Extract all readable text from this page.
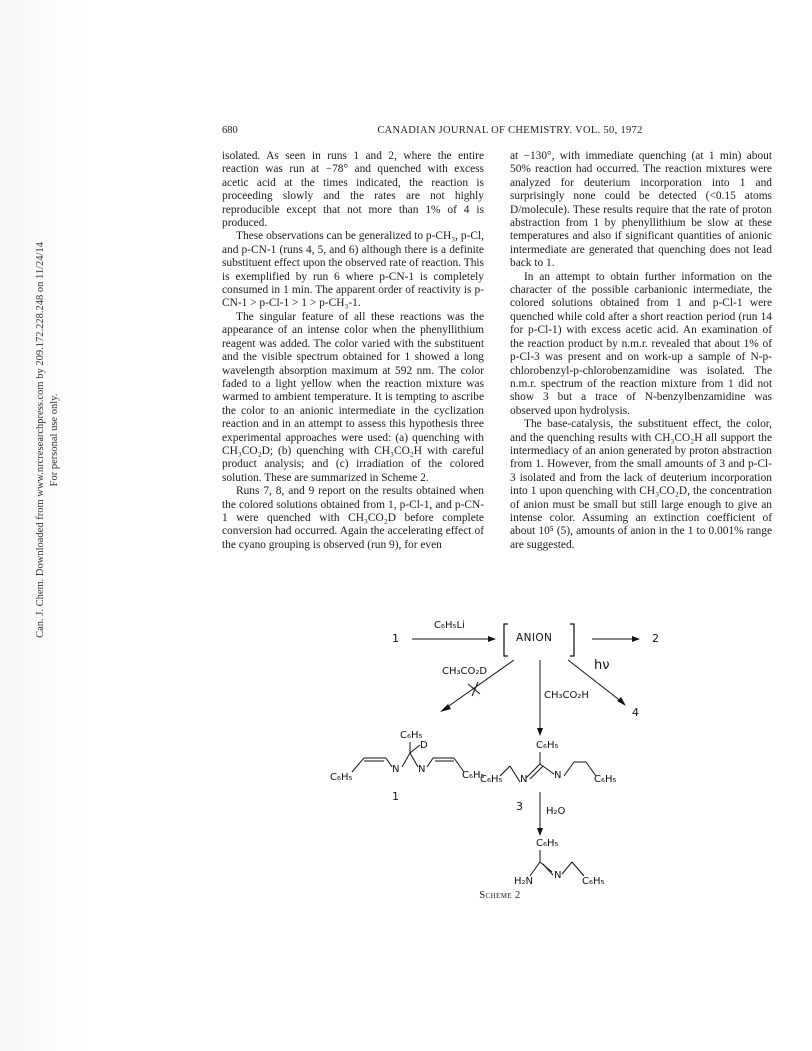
Can. J. Chem. Downloaded from www.nrcresearchpress.com by 209.172.228.248 on 11/24/14 For personal use only.
680	CANADIAN JOURNAL OF CHEMISTRY. VOL. 50, 1972

isolated. As seen in runs 1 and 2, where the entire reaction was run at −78° and quenched with excess acetic acid at the times indicated, the reaction is proceeding slowly and the rates are not highly reproducible except that not more than 1% of 4 is produced.

These observations can be generalized to p-CH₃, p-Cl, and p-CN-1 (runs 4, 5, and 6) although there is a definite substituent effect upon the observed rate of reaction. This is exemplified by run 6 where p-CN-1 is completely consumed in 1 min. The apparent order of reactivity is p-CN-1 > p-Cl-1 > 1 > p-CH₃-1.

The singular feature of all these reactions was the appearance of an intense color when the phenyllithium reagent was added. The color varied with the substituent and the visible spectrum obtained for 1 showed a long wavelength absorption maximum at 592 nm. The color faded to a light yellow when the reaction mixture was warmed to ambient temperature. It is tempting to ascribe the color to an anionic intermediate in the cyclization reaction and in an attempt to assess this hypothesis three experimental approaches were used: (a) quenching with CH₃CO₂D; (b) quenching with CH₃CO₂H with careful product analysis; and (c) irradiation of the colored solution. These are summarized in Scheme 2.

Runs 7, 8, and 9 report on the results obtained when the colored solutions obtained from 1, p-Cl-1, and p-CN-1 were quenched with CH₃CO₂D before complete conversion had occurred. Again the accelerating effect of the cyano grouping is observed (run 9), for even

at −130°, with immediate quenching (at 1 min) about 50% reaction had occurred. The reaction mixtures were analyzed for deuterium incorporation into 1 and surprisingly none could be detected (<0.15 atoms D/molecule). These results require that the rate of proton abstraction from 1 by phenyllithium be slow at these temperatures and also if significant quantities of anionic intermediate are generated that quenching does not lead back to 1.

In an attempt to obtain further information on the character of the possible carbanionic intermediate, the colored solutions obtained from 1 and p-Cl-1 were quenched while cold after a short reaction period (run 14 for p-Cl-1) with excess acetic acid. An examination of the reaction product by n.m.r. revealed that about 1% of p-Cl-3 was present and on work-up a sample of N-p-chlorobenzyl-p-chlorobenzamidine was isolated. The n.m.r. spectrum of the reaction mixture from 1 did not show 3 but a trace of N-benzylbenzamidine was observed upon hydrolysis.

The base-catalysis, the substituent effect, the color, and the quenching results with CH₃CO₂H all support the intermediacy of an anion generated by proton abstraction from 1. However, from the small amounts of 3 and p-Cl-3 isolated and from the lack of deuterium incorporation into 1 upon quenching with CH₃CO₂D, the concentration of anion must be small but still large enough to give an intense color. Assuming an extinction coefficient of about 10⁵ (5), amounts of anion in the 1 to 0.001% range are suggested.

1
C₆H₅Li
ANION	2
CH₃CO₂D
CH₃CO₂H
hν
4
C₆H₅
D
N N
C₆H₅	C₆H₅
1
C₆H₅
C₆H₅ N	N	C₆H₅
3 H₂O
C₆H₅
H₂N
N
C₆H₅
Scheme 2
